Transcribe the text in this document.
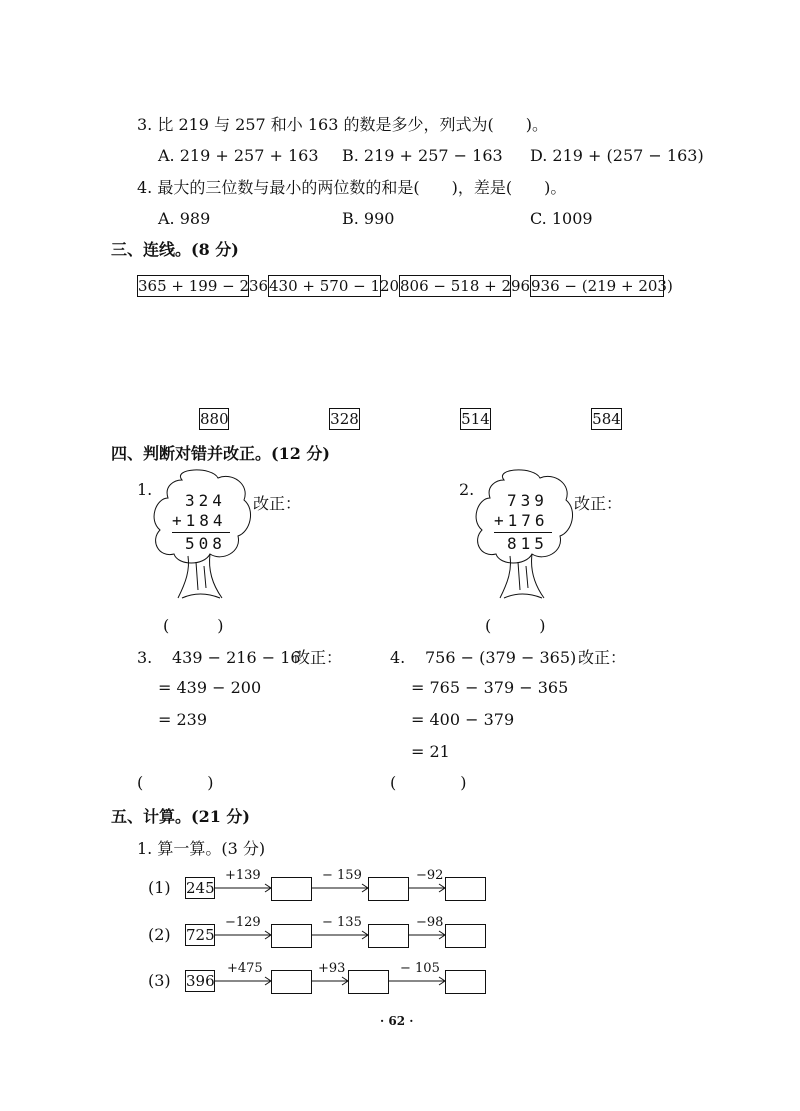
3. 比 219 与 257 和小 163 的数是多少，列式为(　　)。
A. 219 + 257 + 163 B. 219 + 257 − 163 D. 219 + (257 − 163)
4. 最大的三位数与最小的两位数的和是(　　)，差是(　　)。
A. 989	B. 990	C. 1009
三、连线。(8 分)
365 + 199 − 236 430 + 570 − 120 806 − 518 + 296 936 − (219 + 203)
880	328	514	584
四、判断对错并改正。(12 分)
1.
324
+184
508
改正：
(　　　)
2.
739
+176
815
改正：
(　　　)
3. 439 − 216 − 16
改正：
= 439 − 200
= 239
(　　　　)
4. 756 − (379 − 365) 改正：
= 765 − 379 − 365
= 400 − 379
= 21
(　　　　)
五、计算。(21 分)
1. 算一算。(3 分)
(1) 245
+139	− 159	−92
(2) 725
−129	− 135	−98
(3) 396
+475	+93	− 105
· 62 ·
